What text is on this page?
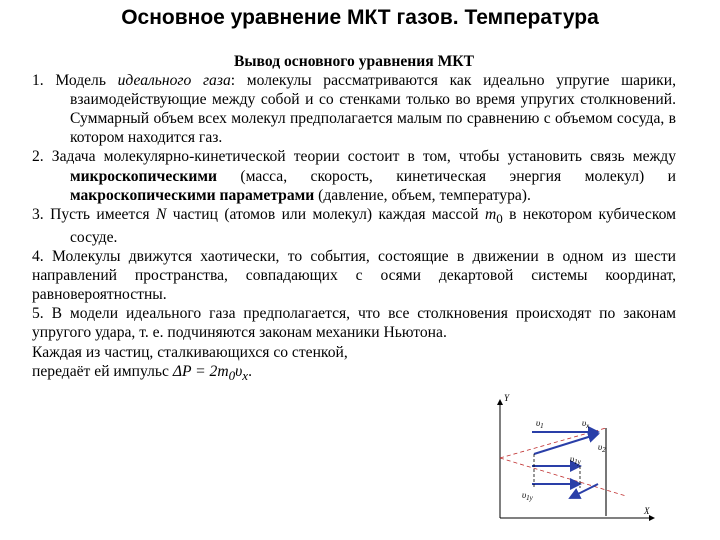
Основное уравнение МКТ газов. Температура
Вывод основного уравнения МКТ
1. Модель идеального газа: молекулы рассматриваются как идеально упругие шарики, взаимодействующие между собой и со стенками только во время упругих столкновений. Суммарный объем всех молекул предполагается малым по сравнению с объемом сосуда, в котором находится газ.
2. Задача молекулярно-кинетической теории состоит в том, чтобы установить связь между микроскопическими (масса, скорость, кинетическая энергия молекул) и макроскопическими параметрами (давление, объем, температура).
3. Пусть имеется N частиц (атомов или молекул) каждая массой $m_0$ в некотором кубическом сосуде.
4. Молекулы движутся хаотически, то события, состоящие в движении в одном из шести направлений пространства, совпадающих с осями декартовой системы координат, равновероятностны.
5. В модели идеального газа предполагается, что все столкновения происходят по законам упругого удара, т. е. подчиняются законам механики Ньютона.
Каждая из частиц, сталкивающихся со стенкой,
передаёт ей импульс $\Delta P = 2m_0\upsilon_x$.
Y
X
$\upsilon_1$	$\upsilon_x$
$\upsilon_2$
$\upsilon_{1y}$
$\upsilon_{1y}$
